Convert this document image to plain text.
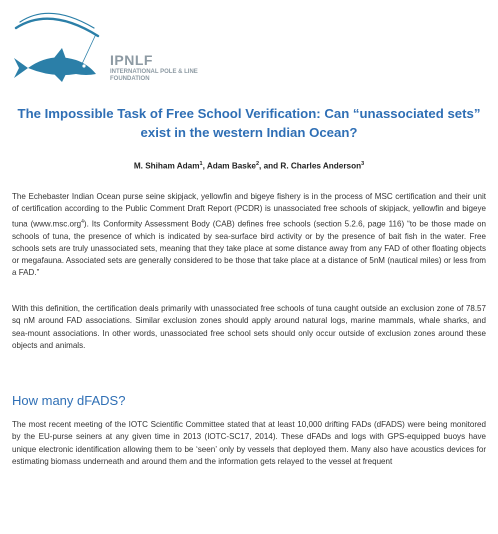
IPNLF
INTERNATIONAL POLE & LINE FOUNDATION
The Impossible Task of Free School Verification: Can “unassociated sets” exist in the western Indian Ocean?

M. Shiham Adam$^1$, Adam Baske$^2$, and R. Charles Anderson$^3$

The Echebaster Indian Ocean purse seine skipjack, yellowfin and bigeye fishery is in the process of MSC certification and their unit of certification according to the Public Comment Draft Report (PCDR) is unassociated free schools of skipjack, yellowfin and bigeye tuna (www.msc.org$^4$). Its Conformity Assessment Body (CAB) defines free schools (section 5.2.6, page 116) “to be those made on schools of tuna, the presence of which is indicated by sea-surface bird activity or by the presence of bait fish in the water. Free schools sets are truly unassociated sets, meaning that they take place at some distance away from any FAD of other floating objects or megafauna. Associated sets are generally considered to be those that take place at a distance of 5nM (nautical miles) or less from a FAD.”

With this definition, the certification deals primarily with unassociated free schools of tuna caught outside an exclusion zone of 78.57 sq nM around FAD associations. Similar exclusion zones should apply around natural logs, marine mammals, whale sharks, and sea-mount associations. In other words, unassociated free school sets should only occur outside of exclusion zones around these objects and animals.

How many dFADS?

The most recent meeting of the IOTC Scientific Committee stated that at least 10,000 drifting FADs (dFADS) were being monitored by the EU-purse seiners at any given time in 2013 (IOTC-SC17, 2014). These dFADs and logs with GPS-equipped buoys have unique electronic identification allowing them to be ‘seen’ only by vessels that deployed them. Many also have acoustics devices for estimating biomass underneath and around them and the information gets relayed to the vessel at frequent
